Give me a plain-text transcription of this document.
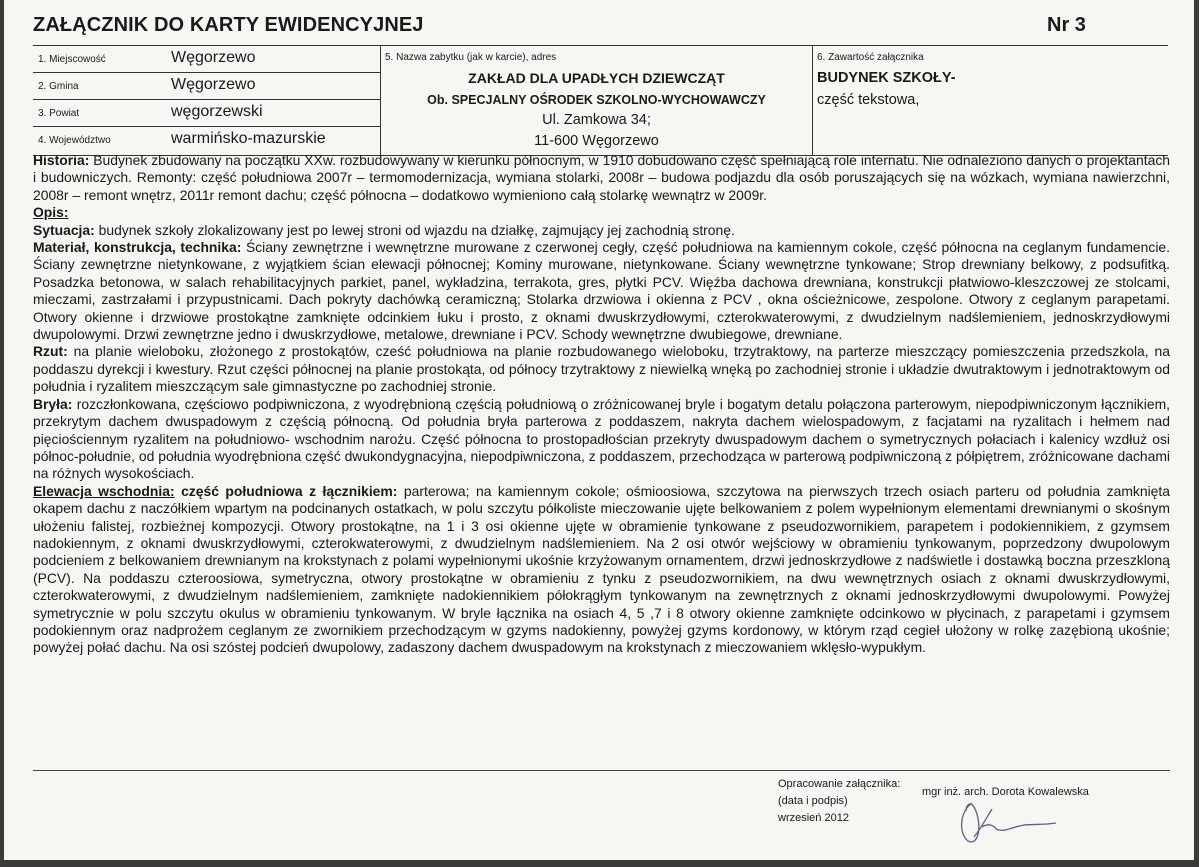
ZAŁĄCZNIK DO KARTY EWIDENCYJNEJ	Nr 3
1. Miejscowość	Węgorzewo
2. Gmina	Węgorzewo
3. Powiat	węgorzewski
4. Województwo	warmińsko-mazurskie
5. Nazwa zabytku (jak w karcie), adres
ZAKŁAD DLA UPADŁYCH DZIEWCZĄT
Ob. SPECJALNY OŚRODEK SZKOLNO-WYCHOWAWCZY
Ul. Zamkowa 34;
11-600 Węgorzewo
6. Zawartość załącznika
BUDYNEK SZKOŁY-
część tekstowa,

Historia: Budynek zbudowany na początku XXw. rozbudowywany w kierunku północnym, w 1910 dobudowano część spełniającą role internatu. Nie odnaleziono danych o projektantach i budowniczych. Remonty: część południowa 2007r – termomodernizacja, wymiana stolarki, 2008r – budowa podjazdu dla osób poruszających się na wózkach, wymiana nawierzchni, 2008r – remont wnętrz, 2011r remont dachu; część północna – dodatkowo wymieniono całą stolarkę wewnątrz w 2009r.

Opis:

Sytuacja: budynek szkoły zlokalizowany jest po lewej stroni od wjazdu na działkę, zajmujący jej zachodnią stronę.

Materiał, konstrukcja, technika: Ściany zewnętrzne i wewnętrzne murowane z czerwonej cegły, część południowa na kamiennym cokole, część północna na ceglanym fundamencie. Ściany zewnętrzne nietynkowane, z wyjątkiem ścian elewacji północnej; Kominy murowane, nietynkowane. Ściany wewnętrzne tynkowane; Strop drewniany belkowy, z podsufitką. Posadzka betonowa, w salach rehabilitacyjnych parkiet, panel, wykładzina, terrakota, gres, płytki PCV. Więźba dachowa drewniana, konstrukcji płatwiowo-kleszczowej ze stolcami, mieczami, zastrzałami i przypustnicami. Dach pokryty dachówką ceramiczną; Stolarka drzwiowa i okienna z PCV , okna ościeżnicowe, zespolone. Otwory z ceglanym parapetami. Otwory okienne i drzwiowe prostokątne zamknięte odcinkiem łuku i prosto, z oknami dwuskrzydłowymi, czterokwaterowymi, z dwudzielnym nadślemieniem, jednoskrzydłowymi dwupolowymi. Drzwi zewnętrzne jedno i dwuskrzydłowe, metalowe, drewniane i PCV. Schody wewnętrzne dwubiegowe, drewniane.

Rzut: na planie wieloboku, złożonego z prostokątów, cześć południowa na planie rozbudowanego wieloboku, trzytraktowy, na parterze mieszczący pomieszczenia przedszkola, na poddaszu dyrekcji i kwestury. Rzut części północnej na planie prostokąta, od północy trzytraktowy z niewielką wnęką po zachodniej stronie i układzie dwutraktowym i jednotraktowym od południa i ryzalitem mieszczącym sale gimnastyczne po zachodniej stronie.

Bryła: rozczłonkowana, częściowo podpiwniczona, z wyodrębnioną częścią południową o zróżnicowanej bryle i bogatym detalu połączona parterowym, niepodpiwniczonym łącznikiem, przekrytym dachem dwuspadowym z częścią północną. Od południa bryła parterowa z poddaszem, nakryta dachem wielospadowym, z facjatami na ryzalitach i hełmem nad pięciościennym ryzalitem na południowo- wschodnim narożu. Część północna to prostopadłościan przekryty dwuspadowym dachem o symetrycznych połaciach i kalenicy wzdłuż osi północ-południe, od południa wyodrębniona część dwukondygnacyjna, niepodpiwniczona, z poddaszem, przechodząca w parterową podpiwniczoną z półpiętrem, zróżnicowane dachami na różnych wysokościach.

Elewacja wschodnia: część południowa z łącznikiem: parterowa; na kamiennym cokole; ośmioosiowa, szczytowa na pierwszych trzech osiach parteru od południa zamknięta okapem dachu z naczółkiem wpartym na podcinanych ostatkach, w polu szczytu półkoliste mieczowanie ujęte belkowaniem z polem wypełnionym elementami drewnianymi o skośnym ułożeniu falistej, rozbieżnej kompozycji. Otwory prostokątne, na 1 i 3 osi okienne ujęte w obramienie tynkowane z pseudozwornikiem, parapetem i podokiennikiem, z gzymsem nadokiennym, z oknami dwuskrzydłowymi, czterokwaterowymi, z dwudzielnym nadślemieniem. Na 2 osi otwór wejściowy w obramieniu tynkowanym, poprzedzony dwupolowym podcieniem z belkowaniem drewnianym na krokstynach z polami wypełnionymi ukośnie krzyżowanym ornamentem, drzwi jednoskrzydłowe z nadświetle i dostawką boczna przeszkloną (PCV). Na poddaszu czteroosiowa, symetryczna, otwory prostokątne w obramieniu z tynku z pseudozwornikiem, na dwu wewnętrznych osiach z oknami dwuskrzydłowymi, czterokwaterowymi, z dwudzielnym nadślemieniem, zamknięte nadokiennikiem półokrągłym tynkowanym na zewnętrznych z oknami jednoskrzydłowymi dwupolowymi. Powyżej symetrycznie w polu szczytu okulus w obramieniu tynkowanym. W bryle łącznika na osiach 4, 5 ,7 i 8 otwory okienne zamknięte odcinkowo w płycinach, z parapetami i gzymsem podokiennym oraz nadprożem ceglanym ze zwornikiem przechodzącym w gzyms nadokienny, powyżej gzyms kordonowy, w którym rząd cegieł ułożony w rolkę zazębioną ukośnie; powyżej połać dachu. Na osi szóstej podcień dwupolowy, zadaszony dachem dwuspadowym na krokstynach z mieczowaniem wklęsło-wypukłym.

Opracowanie załącznika:
(data i podpis)
wrzesień 2012
mgr inż. arch. Dorota Kowalewska
